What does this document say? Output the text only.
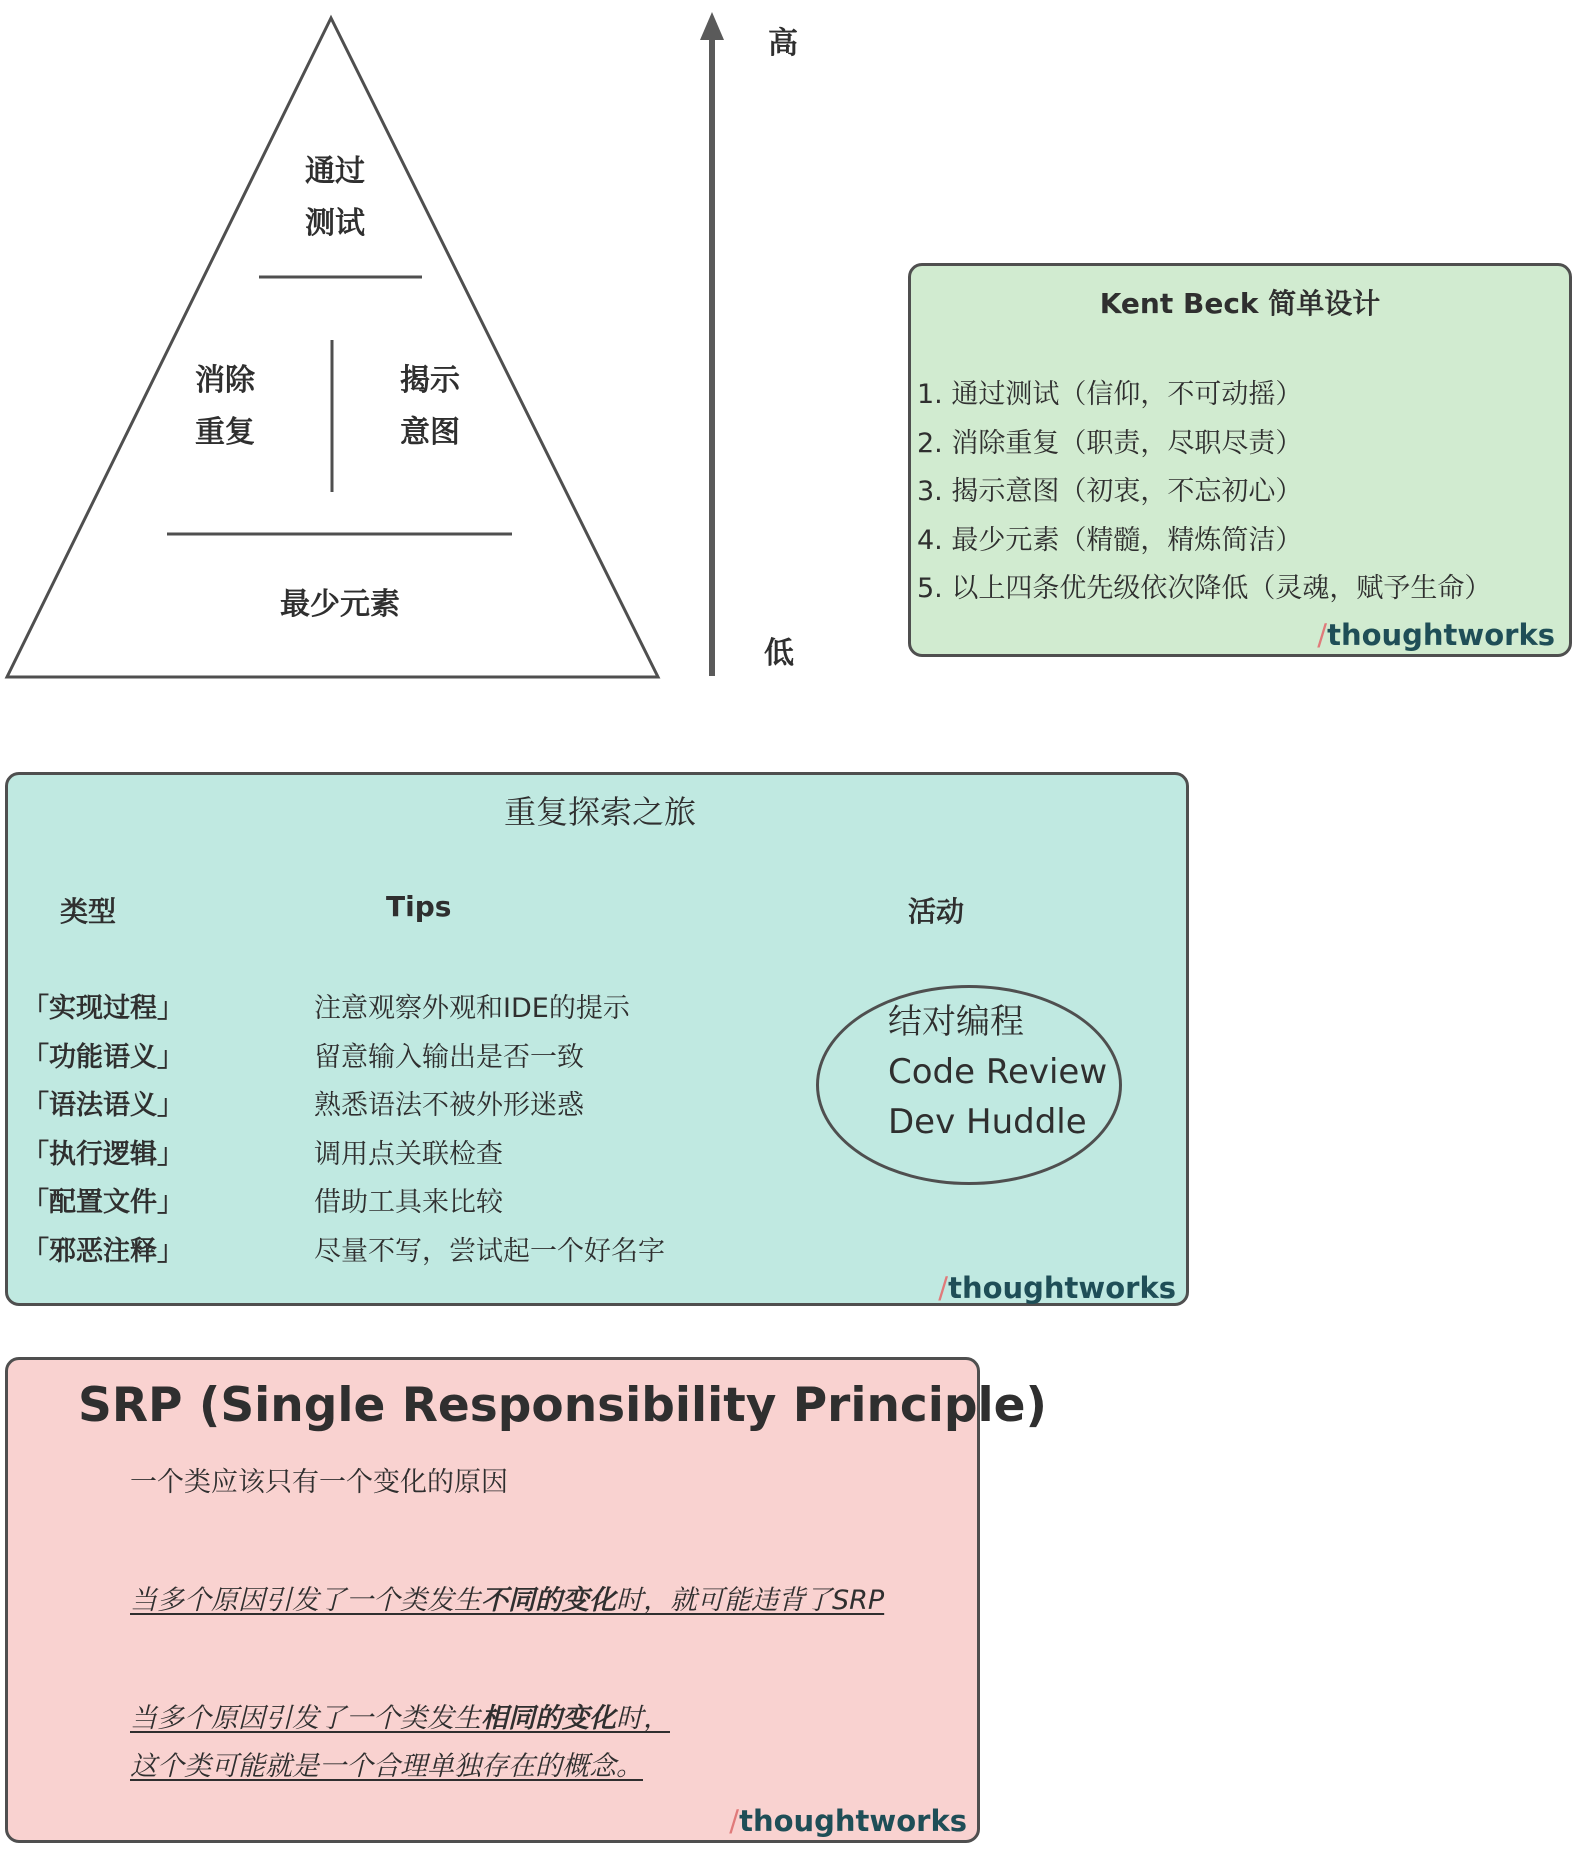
通过
测试
消除
重复
揭示
意图
最少元素
高
低
Kent Beck 简单设计
1. 通过测试（信仰，不可动摇）
2. 消除重复（职责，尽职尽责）
3. 揭示意图（初衷，不忘初心）
4. 最少元素（精髓，精炼简洁）
5. 以上四条优先级依次降低（灵魂，赋予生命）
/thoughtworks
重复探索之旅
类型	Tips	活动
「实现过程」
「功能语义」
「语法语义」
「执行逻辑」
「配置文件」
「邪恶注释」
注意观察外观和IDE的提示
留意输入输出是否一致
熟悉语法不被外形迷惑
调用点关联检查
借助工具来比较
尽量不写，尝试起一个好名字
结对编程
Code Review
Dev Huddle
/thoughtworks
SRP (Single Responsibility Principle)
一个类应该只有一个变化的原因
当多个原因引发了一个类发生不同的变化时，就可能违背了SRP
当多个原因引发了一个类发生相同的变化时，
这个类可能就是一个合理单独存在的概念。
/thoughtworks
